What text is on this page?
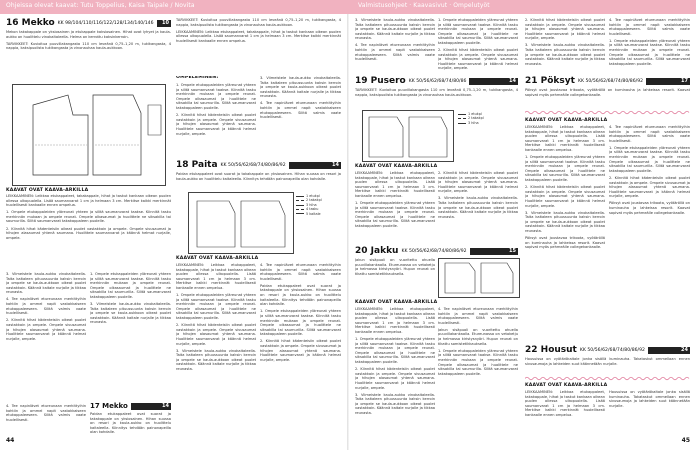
Ohjeissa olevat kaavat: Tutu Toppelius, Kaisa Taipale / Novita	Valmistusohjeet · Kaavasivut · Ompelutyöt
16 Mekko KK 98/104/110/116/122/128/134/140/146 10

Mekon takakappale on yksiosainen ja etukappale kaksiosainen. Hihat ovat lyhyet ja kaula-aukko on huolittelu vinokaitaleella. Helma on kerrottu kaksinkerroin.

TARVIKKEET: Kuvioitua puuvillakangasta 110 cm leveänä 0,75–1,20 m, tukikangasta, 4 nappia, kaksipuolista tukikangasta ja vinonauhaa kaula-aukkoon.

KAAVAT OVAT KAAVA-ARKILLA

LEIKKAAMINEN: Leikkaa etukappaleet, takakappale, hihat ja taskut kankaan oikean puolen ollessa ulkopuolella. Lisää saumanvarat 1 cm ja helmaan 3 cm. Merkitse kaikki merkinnät huolellisesti kankaalle ennen ompelua.

1. Ompele etukappaleiden yläreunat yhteen ja silitä saumanvarat taakse. Kiinnitä tasku merkinnän mukaan ja ompele reunat. Ompele olkasaumat ja huolittele ne siksakilla tai saumurilla. Silitä saumanvarat takakappaleen puolelle.

2. Kiinnitä hihat kädenteisiin oikeat puolet vastakkain ja ompele. Ompele sivusaumat ja hihojen alasaumat yhtenä saumana. Huolittele saumanvarat ja käännä helmat nurjalle, ompele.

3. Viimeistele kaula-aukko vinokaitaleella. Taita kaitaleen pituussuunta kaksin kerroin ja ompele se kaula-aukkoon oikeat puolet vastakkain. Käännä kaitale nurjalle ja tikkaa reunasta.

4. Tee napinlävet etureunaan merkittyihin kohtiin ja ommel napit vastakkaiseen etukappaleeseen. Silitä valmis vaate huolellisesti.

2. Kiinnitä hihat kädenteisiin oikeat puolet vastakkain ja ompele. Ompele sivusaumat ja hihojen alasaumat yhtenä saumana. Huolittele saumanvarat ja käännä helmat nurjalle, ompele.

1. Ompele etukappaleiden yläreunat yhteen ja silitä saumanvarat taakse. Kiinnitä tasku merkinnän mukaan ja ompele reunat. Ompele olkasaumat ja huolittele ne siksakilla tai saumurilla. Silitä saumanvarat takakappaleen puolelle.

3. Viimeistele kaula-aukko vinokaitaleella. Taita kaitaleen pituussuunta kaksin kerroin ja ompele se kaula-aukkoon oikeat puolet vastakkain. Käännä kaitale nurjalle ja tikkaa reunasta.

17 Mekko	14

Paidan etukappaleet ovat suorat ja takakappale on yksiosainen. Hihan suussa on resori ja kaula-aukko on huolittelu kaitaleella. Kiinnitys tehdään painonapeilla olan kohdalle.

4. Tee napinlävet etureunaan merkittyihin kohtiin ja ommel napit vastakkaiseen etukappaleeseen. Silitä valmis vaate huolellisesti.

TARVIKKEET: Kuvioitua puuvillakangasta 110 cm leveänä 0,75–1,20 m, tukikangasta, 4 nappia, kaksipuolista tukikangasta ja vinonauhaa kaula-aukkoon.

LEIKKAAMINEN: Leikkaa etukappaleet, takakappale, hihat ja taskut kankaan oikean puolen ollessa ulkopuolella. Lisää saumanvarat 1 cm ja helmaan 3 cm. Merkitse kaikki merkinnät huolellisesti kankaalle ennen ompelua.

OMPELEMINEN:

1. Ompele etukappaleiden yläreunat yhteen ja silitä saumanvarat taakse. Kiinnitä tasku merkinnän mukaan ja ompele reunat. Ompele olkasaumat ja huolittele ne siksakilla tai saumurilla. Silitä saumanvarat takakappaleen puolelle.

2. Kiinnitä hihat kädenteisiin oikeat puolet vastakkain ja ompele. Ompele sivusaumat ja hihojen alasaumat yhtenä saumana. Huolittele saumanvarat ja käännä helmat nurjalle, ompele.

3. Viimeistele kaula-aukko vinokaitaleella. Taita kaitaleen pituussuunta kaksin kerroin ja ompele se kaula-aukkoon oikeat puolet vastakkain. Käännä kaitale nurjalle ja tikkaa reunasta.

4. Tee napinlävet etureunaan merkittyihin kohtiin ja ommel napit vastakkaiseen etukappaleeseen. Silitä valmis vaate huolellisesti.

18 Paita KK 50/56/62/68/74/80/86/92	14

Paidan etukappaleet ovat suorat ja takakappale on yksiosainen. Hihan suussa on resori ja kaula-aukko on huolittelu kaitaleella. Kiinnitys tehdään painonapeilla olan kohdalle.

1 etukpl
2 takakpl
3 hiha
4 tasku
5 kaitale
KAAVAT OVAT KAAVA-ARKILLA

LEIKKAAMINEN: Leikkaa etukappaleet, takakappale, hihat ja taskut kankaan oikean puolen ollessa ulkopuolella. Lisää saumanvarat 1 cm ja helmaan 3 cm. Merkitse kaikki merkinnät huolellisesti kankaalle ennen ompelua.

1. Ompele etukappaleiden yläreunat yhteen ja silitä saumanvarat taakse. Kiinnitä tasku merkinnän mukaan ja ompele reunat. Ompele olkasaumat ja huolittele ne siksakilla tai saumurilla. Silitä saumanvarat takakappaleen puolelle.

2. Kiinnitä hihat kädenteisiin oikeat puolet vastakkain ja ompele. Ompele sivusaumat ja hihojen alasaumat yhtenä saumana. Huolittele saumanvarat ja käännä helmat nurjalle, ompele.

3. Viimeistele kaula-aukko vinokaitaleella. Taita kaitaleen pituussuunta kaksin kerroin ja ompele se kaula-aukkoon oikeat puolet vastakkain. Käännä kaitale nurjalle ja tikkaa reunasta.

4. Tee napinlävet etureunaan merkittyihin kohtiin ja ommel napit vastakkaiseen etukappaleeseen. Silitä valmis vaate huolellisesti.

Paidan etukappaleet ovat suorat ja takakappale on yksiosainen. Hihan suussa on resori ja kaula-aukko on huolittelu kaitaleella. Kiinnitys tehdään painonapeilla olan kohdalle.

1. Ompele etukappaleiden yläreunat yhteen ja silitä saumanvarat taakse. Kiinnitä tasku merkinnän mukaan ja ompele reunat. Ompele olkasaumat ja huolittele ne siksakilla tai saumurilla. Silitä saumanvarat takakappaleen puolelle.

2. Kiinnitä hihat kädenteisiin oikeat puolet vastakkain ja ompele. Ompele sivusaumat ja hihojen alasaumat yhtenä saumana. Huolittele saumanvarat ja käännä helmat nurjalle, ompele.

44

3. Viimeistele kaula-aukko vinokaitaleella. Taita kaitaleen pituussuunta kaksin kerroin ja ompele se kaula-aukkoon oikeat puolet vastakkain. Käännä kaitale nurjalle ja tikkaa reunasta.

4. Tee napinlävet etureunaan merkittyihin kohtiin ja ommel napit vastakkaiseen etukappaleeseen. Silitä valmis vaate huolellisesti.

1. Ompele etukappaleiden yläreunat yhteen ja silitä saumanvarat taakse. Kiinnitä tasku merkinnän mukaan ja ompele reunat. Ompele olkasaumat ja huolittele ne siksakilla tai saumurilla. Silitä saumanvarat takakappaleen puolelle.

2. Kiinnitä hihat kädenteisiin oikeat puolet vastakkain ja ompele. Ompele sivusaumat ja hihojen alasaumat yhtenä saumana. Huolittele saumanvarat ja käännä helmat nurjalle, ompele.

19 Pusero KK 50/56/62/68/74/80/86	14

TARVIKKEET: Kuvioitua puuvillakangasta 110 cm leveänä 0,75–1,20 m, tukikangasta, 4 nappia, kaksipuolista tukikangasta ja vinonauhaa kaula-aukkoon.

1 etukpl
2 takakpl
3 hiha
KAAVAT OVAT KAAVA-ARKILLA

LEIKKAAMINEN: Leikkaa etukappaleet, takakappale, hihat ja taskut kankaan oikean puolen ollessa ulkopuolella. Lisää saumanvarat 1 cm ja helmaan 3 cm. Merkitse kaikki merkinnät huolellisesti kankaalle ennen ompelua.

1. Ompele etukappaleiden yläreunat yhteen ja silitä saumanvarat taakse. Kiinnitä tasku merkinnän mukaan ja ompele reunat. Ompele olkasaumat ja huolittele ne siksakilla tai saumurilla. Silitä saumanvarat takakappaleen puolelle.

2. Kiinnitä hihat kädenteisiin oikeat puolet vastakkain ja ompele. Ompele sivusaumat ja hihojen alasaumat yhtenä saumana. Huolittele saumanvarat ja käännä helmat nurjalle, ompele.

3. Viimeistele kaula-aukko vinokaitaleella. Taita kaitaleen pituussuunta kaksin kerroin ja ompele se kaula-aukkoon oikeat puolet vastakkain. Käännä kaitale nurjalle ja tikkaa reunasta.

20 Jakku KK 50/56/62/68/74/80/86/92	15

Jakun sisäpuoli on vuoritettu ohuella puuvillakankaalla. Etureunassa on vetoketju ja helmassa kiristysnyöri. Hupun reunat on tikattu somistetikkauksella.

KAAVAT OVAT KAAVA-ARKILLA

LEIKKAAMINEN: Leikkaa etukappaleet, takakappale, hihat ja taskut kankaan oikean puolen ollessa ulkopuolella. Lisää saumanvarat 1 cm ja helmaan 3 cm. Merkitse kaikki merkinnät huolellisesti kankaalle ennen ompelua.

1. Ompele etukappaleiden yläreunat yhteen ja silitä saumanvarat taakse. Kiinnitä tasku merkinnän mukaan ja ompele reunat. Ompele olkasaumat ja huolittele ne siksakilla tai saumurilla. Silitä saumanvarat takakappaleen puolelle.

2. Kiinnitä hihat kädenteisiin oikeat puolet vastakkain ja ompele. Ompele sivusaumat ja hihojen alasaumat yhtenä saumana. Huolittele saumanvarat ja käännä helmat nurjalle, ompele.

3. Viimeistele kaula-aukko vinokaitaleella. Taita kaitaleen pituussuunta kaksin kerroin ja ompele se kaula-aukkoon oikeat puolet vastakkain. Käännä kaitale nurjalle ja tikkaa reunasta.

4. Tee napinlävet etureunaan merkittyihin kohtiin ja ommel napit vastakkaiseen etukappaleeseen. Silitä valmis vaate huolellisesti.

Jakun sisäpuoli on vuoritettu ohuella puuvillakankaalla. Etureunassa on vetoketju ja helmassa kiristysnyöri. Hupun reunat on tikattu somistetikkauksella.

1. Ompele etukappaleiden yläreunat yhteen ja silitä saumanvarat taakse. Kiinnitä tasku merkinnän mukaan ja ompele reunat. Ompele olkasaumat ja huolittele ne siksakilla tai saumurilla. Silitä saumanvarat takakappaleen puolelle.

2. Kiinnitä hihat kädenteisiin oikeat puolet vastakkain ja ompele. Ompele sivusaumat ja hihojen alasaumat yhtenä saumana. Huolittele saumanvarat ja käännä helmat nurjalle, ompele.

3. Viimeistele kaula-aukko vinokaitaleella. Taita kaitaleen pituussuunta kaksin kerroin ja ompele se kaula-aukkoon oikeat puolet vastakkain. Käännä kaitale nurjalle ja tikkaa reunasta.

4. Tee napinlävet etureunaan merkittyihin kohtiin ja ommel napit vastakkaiseen etukappaleeseen. Silitä valmis vaate huolellisesti.

1. Ompele etukappaleiden yläreunat yhteen ja silitä saumanvarat taakse. Kiinnitä tasku merkinnän mukaan ja ompele reunat. Ompele olkasaumat ja huolittele ne siksakilla tai saumurilla. Silitä saumanvarat takakappaleen puolelle.

21 Pöksyt KK 50/56/62/68/74/80/86/92	17

Pöksyt ovat joustavaa trikoota, vyötäröllä on kuminauha ja lahkeissa resorit. Kaavat sopivat myös pehmeälle collegekankaalle.

KAAVAT OVAT KAAVA-ARKILLA

LEIKKAAMINEN: Leikkaa etukappaleet, takakappale, hihat ja taskut kankaan oikean puolen ollessa ulkopuolella. Lisää saumanvarat 1 cm ja helmaan 3 cm. Merkitse kaikki merkinnät huolellisesti kankaalle ennen ompelua.

1. Ompele etukappaleiden yläreunat yhteen ja silitä saumanvarat taakse. Kiinnitä tasku merkinnän mukaan ja ompele reunat. Ompele olkasaumat ja huolittele ne siksakilla tai saumurilla. Silitä saumanvarat takakappaleen puolelle.

2. Kiinnitä hihat kädenteisiin oikeat puolet vastakkain ja ompele. Ompele sivusaumat ja hihojen alasaumat yhtenä saumana. Huolittele saumanvarat ja käännä helmat nurjalle, ompele.

3. Viimeistele kaula-aukko vinokaitaleella. Taita kaitaleen pituussuunta kaksin kerroin ja ompele se kaula-aukkoon oikeat puolet vastakkain. Käännä kaitale nurjalle ja tikkaa reunasta.

Pöksyt ovat joustavaa trikoota, vyötäröllä on kuminauha ja lahkeissa resorit. Kaavat sopivat myös pehmeälle collegekankaalle.

4. Tee napinlävet etureunaan merkittyihin kohtiin ja ommel napit vastakkaiseen etukappaleeseen. Silitä valmis vaate huolellisesti.

1. Ompele etukappaleiden yläreunat yhteen ja silitä saumanvarat taakse. Kiinnitä tasku merkinnän mukaan ja ompele reunat. Ompele olkasaumat ja huolittele ne siksakilla tai saumurilla. Silitä saumanvarat takakappaleen puolelle.

2. Kiinnitä hihat kädenteisiin oikeat puolet vastakkain ja ompele. Ompele sivusaumat ja hihojen alasaumat yhtenä saumana. Huolittele saumanvarat ja käännä helmat nurjalle, ompele.

Pöksyt ovat joustavaa trikoota, vyötäröllä on kuminauha ja lahkeissa resorit. Kaavat sopivat myös pehmeälle collegekankaalle.

22 Housut KK 50/56/62/68/74/80/86/92	24

Housuissa on vyötärökaitale jonka sisällä kuminauha. Takataskut ommellaan ennen sivusaumoja ja lahkeiden suut käännetään nurjalle.

KAAVAT OVAT KAAVA-ARKILLA

LEIKKAAMINEN: Leikkaa etukappaleet, takakappale, hihat ja taskut kankaan oikean puolen ollessa ulkopuolella. Lisää saumanvarat 1 cm ja helmaan 3 cm. Merkitse kaikki merkinnät huolellisesti kankaalle ennen ompelua.

Housuissa on vyötärökaitale jonka sisällä kuminauha. Takataskut ommellaan ennen sivusaumoja ja lahkeiden suut käännetään nurjalle.

45
